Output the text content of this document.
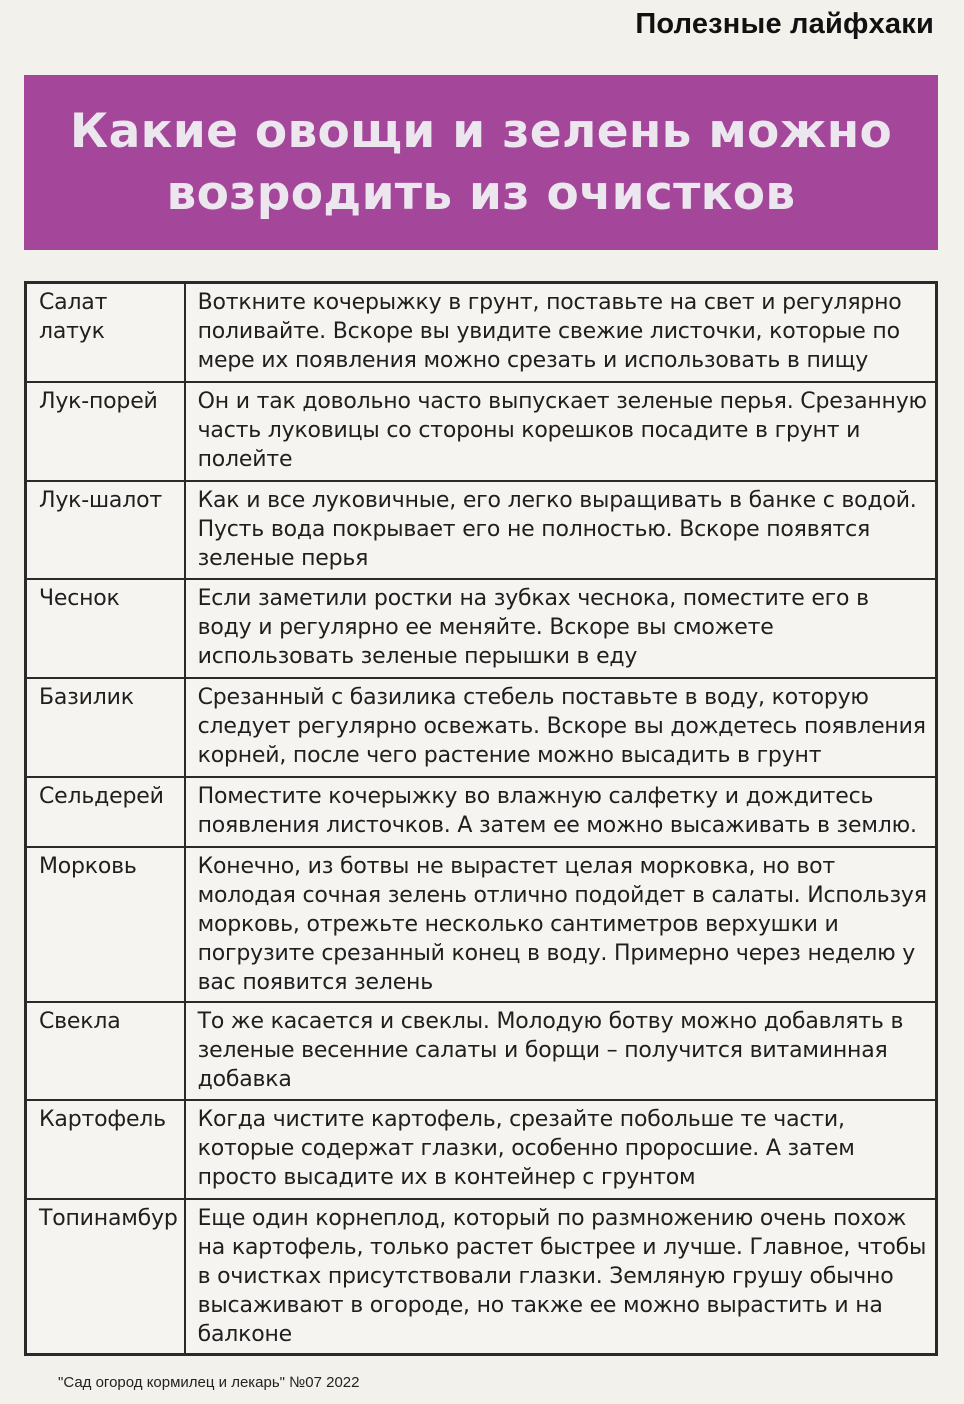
Полезные лайфхаки
Какие овощи и зелень можно
возродить из очистков
Салат латук	Воткните кочерыжку в грунт, поставьте на свет и регулярно поливайте. Вскоре вы увидите свежие листочки, которые по мере их появления можно срезать и использовать в пищу
Лук-порей	Он и так довольно часто выпускает зеленые перья. Срезанную часть луковицы со стороны корешков посадите в грунт и полейте
Лук-шалот	Как и все луковичные, его легко выращивать в банке с водой. Пусть вода покрывает его не полностью. Вскоре появятся зеленые перья
Чеснок	Если заметили ростки на зубках чеснока, поместите его в воду и регулярно ее меняйте. Вскоре вы сможете использовать зеленые перышки в еду
Базилик	Срезанный с базилика стебель поставьте в воду, которую следует регулярно освежать. Вскоре вы дождетесь появления корней, после чего растение можно высадить в грунт
Сельдерей	Поместите кочерыжку во влажную салфетку и дождитесь появления листочков. А затем ее можно высаживать в землю.
Морковь	Конечно, из ботвы не вырастет целая морковка, но вот молодая сочная зелень отлично подойдет в салаты. Используя морковь, отрежьте несколько сантиметров верхушки и погрузите срезанный конец в воду. Примерно через неделю у вас появится зелень
Свекла	То же касается и свеклы. Молодую ботву можно добавлять в зеленые весенние салаты и борщи – получится витаминная добавка
Картофель	Когда чистите картофель, срезайте побольше те части, которые содержат глазки, особенно проросшие. А затем просто высадите их в контейнер с грунтом
Топинамбур	Еще один корнеплод, который по размножению очень похож на картофель, только растет быстрее и лучше. Главное, чтобы в очистках присутствовали глазки. Земляную грушу обычно высаживают в огороде, но также ее можно вырастить и на балконе
"Сад огород кормилец и лекарь" №07 2022
